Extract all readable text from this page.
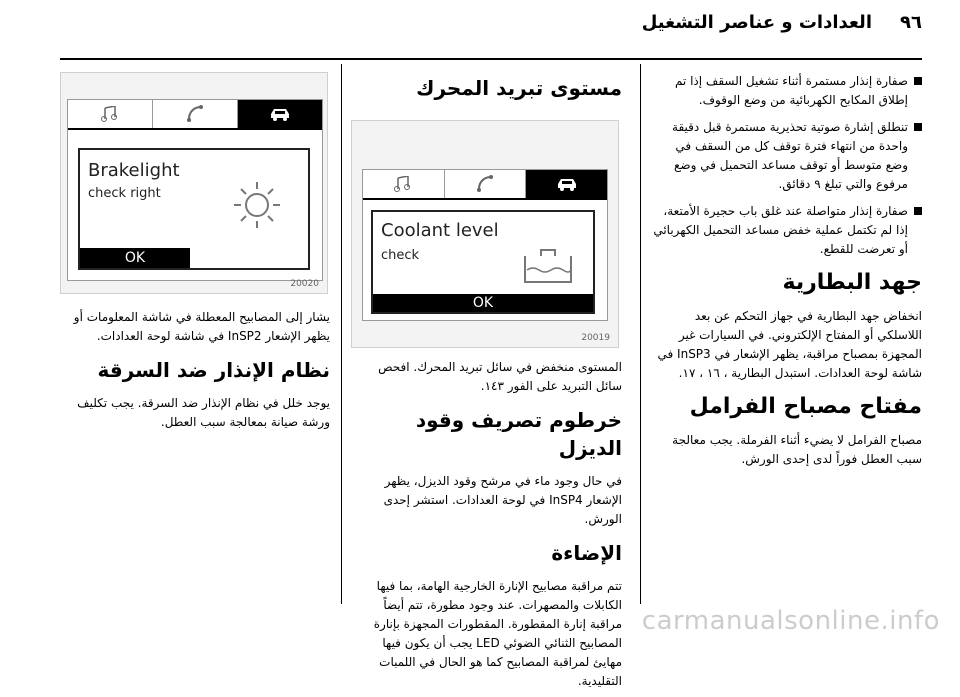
٩٦
العدادات و عناصر التشغيل
صفارة إنذار مستمرة أثناء تشغيل السقف إذا تم إطلاق المكابح الكهربائية من وضع الوقوف.
تنطلق إشارة صوتية تحذيرية مستمرة قبل دقيقة واحدة من انتهاء فترة توقف كل من السقف في وضع متوسط أو توقف مساعد التحميل في وضع مرفوع والتي تبلغ ٩ دقائق.
صفارة إنذار متواصلة عند غلق باب حجيرة الأمتعة، إذا لم تكتمل عملية خفض مساعد التحميل الكهربائي أو تعرضت للقطع.
جهد البطارية

انخفاض جهد البطارية في جهاز التحكم عن بعد اللاسلكي أو المفتاح الإلكتروني. في السيارات غير المجهزة بمصباح مراقبة، يظهر الإشعار في InSP3 في شاشة لوحة العدادات. استبدل البطارية ، ١٦ ، ١٧.

مفتاح مصباح الفرامل

مصباح الفرامل لا يضيء أثناء الفرملة. يجب معالجة سبب العطل فوراً لدى إحدى الورش.

مستوى تبريد المحرك
Coolant level
check
OK
20019

المستوى منخفض في سائل تبريد المحرك. افحص سائل التبريد على الفور ١٤٣.

خرطوم تصريف وقود الديزل

في حال وجود ماء في مرشح وقود الديزل، يظهر الإشعار InSP4 في لوحة العدادات. استشر إحدى الورش.

الإضاءة

تتم مراقبة مصابيح الإنارة الخارجية الهامة، بما فيها الكابلات والمصهرات. عند وجود مطورة، تتم أيضاً مراقبة إنارة المقطورة. المقطورات المجهزة بإنارة المصابيح الثنائي الضوئي LED يجب أن يكون فيها مهايئ لمراقبة المصابيح كما هو الحال في اللمبات التقليدية.

Brakelight
check right
OK
20020

يشار إلى المصابيح المعطلة في شاشة المعلومات أو يظهر الإشعار InSP2 في شاشة لوحة العدادات.

نظام الإنذار ضد السرقة

يوجد خلل في نظام الإنذار ضد السرقة. يجب تكليف ورشة صيانة بمعالجة سبب العطل.

carmanualsonline.info
